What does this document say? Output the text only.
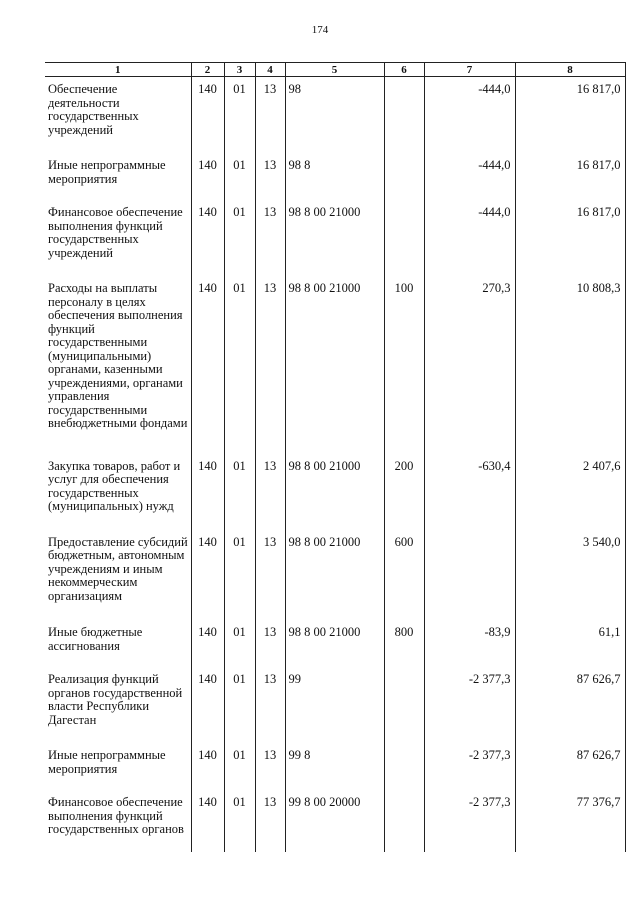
174
1	2	3	4	5	6	7	8
Обеспечение деятельности государственных учреждений	140	01	13	98		-444,0	16 817,0
Иные непрограммные мероприятия	140	01	13	98 8		-444,0	16 817,0
Финансовое обеспечение выполнения функций государственных учреждений	140	01	13	98 8 00 21000		-444,0	16 817,0
Расходы на выплаты персоналу в целях обеспечения выполнения функций государственными (муниципальными) органами, казенными учреждениями, органами управления государственными внебюджетными фондами	140	01	13	98 8 00 21000	100	270,3	10 808,3
Закупка товаров, работ и услуг для обеспечения государственных (муниципальных) нужд	140	01	13	98 8 00 21000	200	-630,4	2 407,6
Предоставление субсидий бюджетным, автономным учреждениям и иным некоммерческим организациям	140	01	13	98 8 00 21000	600		3 540,0
Иные бюджетные ассигнования	140	01	13	98 8 00 21000	800	-83,9	61,1
Реализация функций органов государственной власти Республики Дагестан	140	01	13	99		-2 377,3	87 626,7
Иные непрограммные мероприятия	140	01	13	99 8		-2 377,3	87 626,7
Финансовое обеспечение выполнения функций государственных органов	140	01	13	99 8 00 20000		-2 377,3	77 376,7
